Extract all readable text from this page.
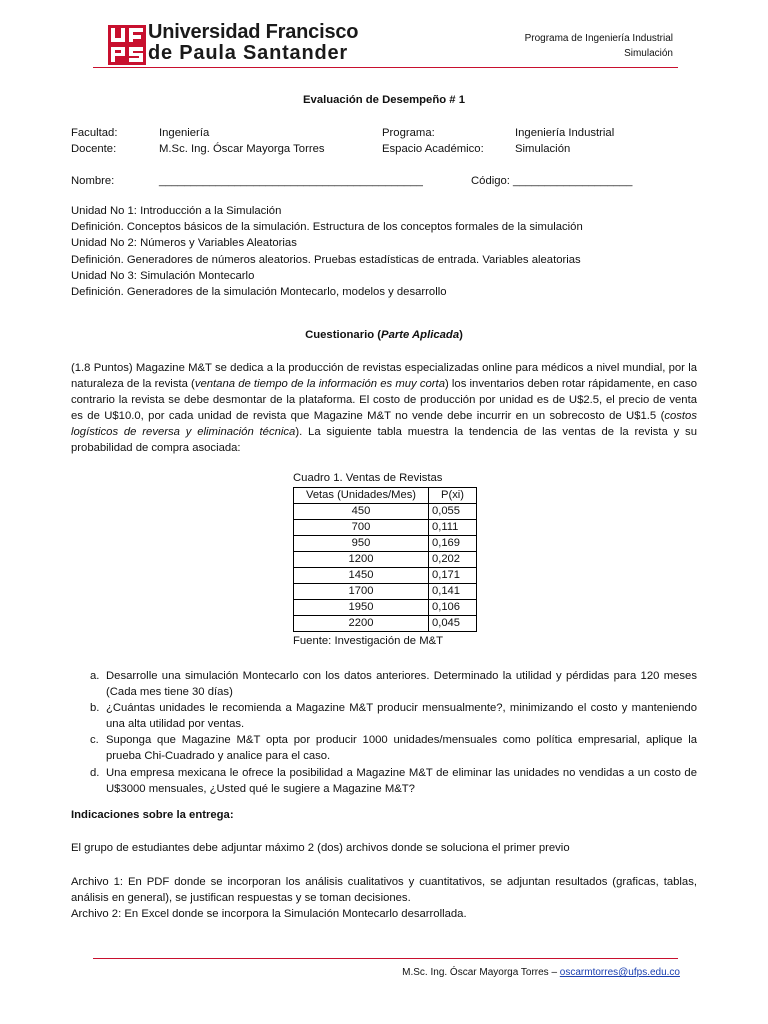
Universidad Francisco
de Paula Santander
Programa de Ingeniería Industrial
Simulación
Evaluación de Desempeño # 1
Facultad:	Ingeniería	Programa:	Ingeniería Industrial
Docente:	M.Sc. Ing. Óscar Mayorga Torres	Espacio Académico:	Simulación
Nombre:	__________________________________________	Código: ___________________
Unidad No 1: Introducción a la Simulación
Definición. Conceptos básicos de la simulación. Estructura de los conceptos formales de la simulación
Unidad No 2: Números y Variables Aleatorias
Definición. Generadores de números aleatorios. Pruebas estadísticas de entrada. Variables aleatorias
Unidad No 3: Simulación Montecarlo
Definición. Generadores de la simulación Montecarlo, modelos y desarrollo
Cuestionario (Parte Aplicada)
(1.8 Puntos) Magazine M&T se dedica a la producción de revistas especializadas online para médicos a nivel mundial, por la naturaleza de la revista (ventana de tiempo de la información es muy corta) los inventarios deben rotar rápidamente, en caso contrario la revista se debe desmontar de la plataforma. El costo de producción por unidad es de U$2.5, el precio de venta es de U$10.0, por cada unidad de revista que Magazine M&T no vende debe incurrir en un sobrecosto de U$1.5 (costos logísticos de reversa y eliminación técnica). La siguiente tabla muestra la tendencia de las ventas de la revista y su probabilidad de compra asociada:
Cuadro 1. Ventas de Revistas
Vetas (Unidades/Mes)	P(xi)
450	0,055
700	0,111
950	0,169
1200	0,202
1450	0,171
1700	0,141
1950	0,106
2200	0,045
Fuente: Investigación de M&T
a. Desarrolle una simulación Montecarlo con los datos anteriores. Determinado la utilidad y pérdidas para 120 meses (Cada mes tiene 30 días)
b. ¿Cuántas unidades le recomienda a Magazine M&T producir mensualmente?, minimizando el costo y manteniendo una alta utilidad por ventas.
c. Suponga que Magazine M&T opta por producir 1000 unidades/mensuales como política empresarial, aplique la prueba Chi-Cuadrado y analice para el caso.
d. Una empresa mexicana le ofrece la posibilidad a Magazine M&T de eliminar las unidades no vendidas a un costo de U$3000 mensuales, ¿Usted qué le sugiere a Magazine M&T?
Indicaciones sobre la entrega:
El grupo de estudiantes debe adjuntar máximo 2 (dos) archivos donde se soluciona el primer previo
Archivo 1: En PDF donde se incorporan los análisis cualitativos y cuantitativos, se adjuntan resultados (graficas, tablas, análisis en general), se justifican respuestas y se toman decisiones.
Archivo 2: En Excel donde se incorpora la Simulación Montecarlo desarrollada.
M.Sc. Ing. Óscar Mayorga Torres – oscarmtorres@ufps.edu.co
